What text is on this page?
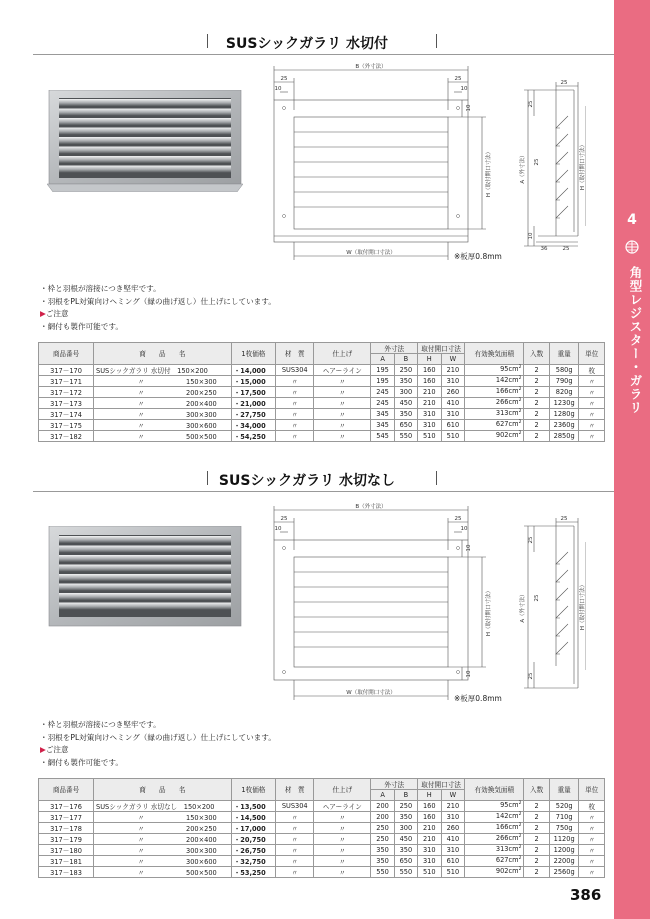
4
角型レジスター・ガラリ
SUSシックガラリ 水切付
B（外寸法）
25	25
10	10
W（取付開口寸法）
H（取付開口寸法）
10
※板厚0.8mm
25
A（外寸法）
25
25	H（取付開口寸法）
10
36	25
・枠と羽根が溶接につき堅牢です。
・羽根をPL対策向けヘミング（縁の曲げ返し）仕上げにしています。
▶ご注意
・網付も製作可能です。
商品番号	商　　品　　名	1枚価格	材　質	仕上げ	外寸法		取付開口寸法		有効換気面積	入数	重量	単位
					A	B	H	W				
317－170	SUSシックガラリ 水切付　 150×200	・14,000	SUS304	ヘアーライン	195	250	160	210	$95cm^2$	2	580g	枚
317－171	〃 150×300	・15,000	〃	〃	195	350	160	310	$142cm^2$	2	790g	〃
317－172	〃 200×250	・17,500	〃	〃	245	300	210	260	$166cm^2$	2	820g	〃
317－173	〃 200×400	・21,000	〃	〃	245	450	210	410	$266cm^2$	2	1230g	〃
317－174	〃 300×300	・27,750	〃	〃	345	350	310	310	$313cm^2$	2	1280g	〃
317－175	〃 300×600	・34,000	〃	〃	345	650	310	610	$627cm^2$	2	2360g	〃
317－182	〃 500×500	・54,250	〃	〃	545	550	510	510	$902cm^2$	2	2850g	〃
SUSシックガラリ 水切なし
B（外寸法）
25	25
10	10
W（取付開口寸法）
H（取付開口寸法）
10
10
※板厚0.8mm
25
A（外寸法）
25
25	H（取付開口寸法）
25
・枠と羽根が溶接につき堅牢です。
・羽根をPL対策向けヘミング（縁の曲げ返し）仕上げにしています。
▶ご注意
・網付も製作可能です。
商品番号	商　　品　　名	1枚価格	材　質	仕上げ	外寸法		取付開口寸法		有効換気面積	入数	重量	単位
					A	B	H	W				
317－176	SUSシックガラリ 水切なし　 150×200	・13,500	SUS304	ヘアーライン	200	250	160	210	$95cm^2$	2	520g	枚
317－177	〃 150×300	・14,500	〃	〃	200	350	160	310	$142cm^2$	2	710g	〃
317－178	〃 200×250	・17,000	〃	〃	250	300	210	260	$166cm^2$	2	750g	〃
317－179	〃 200×400	・20,750	〃	〃	250	450	210	410	$266cm^2$	2	1120g	〃
317－180	〃 300×300	・26,750	〃	〃	350	350	310	310	$313cm^2$	2	1200g	〃
317－181	〃 300×600	・32,750	〃	〃	350	650	310	610	$627cm^2$	2	2200g	〃
317－183	〃 500×500	・53,250	〃	〃	550	550	510	510	$902cm^2$	2	2560g	〃
386
